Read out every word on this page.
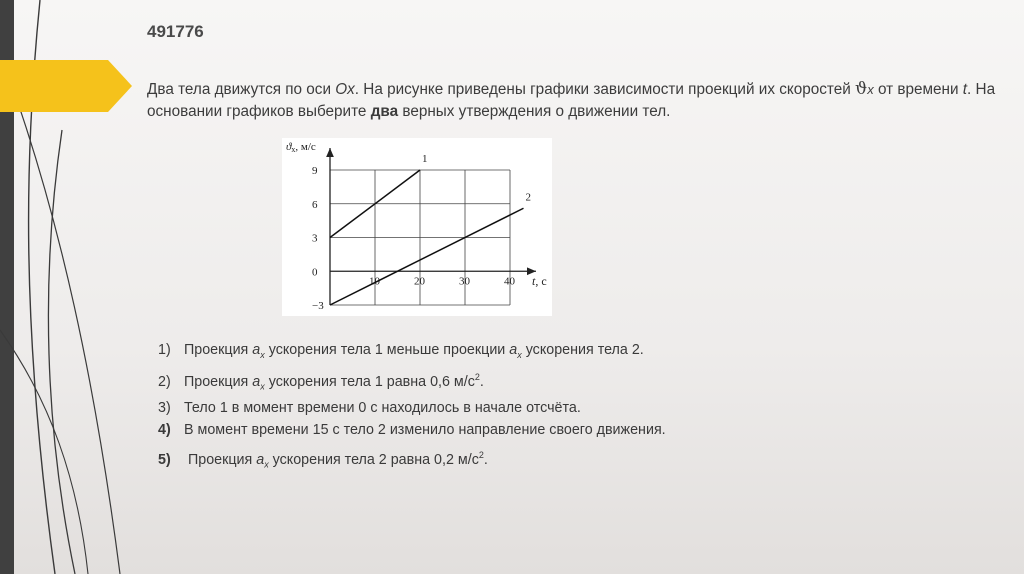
491776
Два тела движутся по оси Ox. На рисунке приведены графики зависимости проекций их скоростей ϑx от времени t. На основании графиков выберите два верных утверждения о движении тел.
10	20	30	40
9
6
3
0
−3
1
2
ϑx, м/с
t, с
1) Проекция $a_x$ ускорения тела 1 меньше проекции $a_x$ ускорения тела 2.
2) Проекция $a_x$ ускорения тела 1 равна 0,6 $м/с^2$.
3) Тело 1 в момент времени 0 с находилось в начале отсчёта.
4) В момент времени 15 с тело 2 изменило направление своего движения.
5) Проекция $a_x$ ускорения тела 2 равна 0,2 $м/с^2$.
